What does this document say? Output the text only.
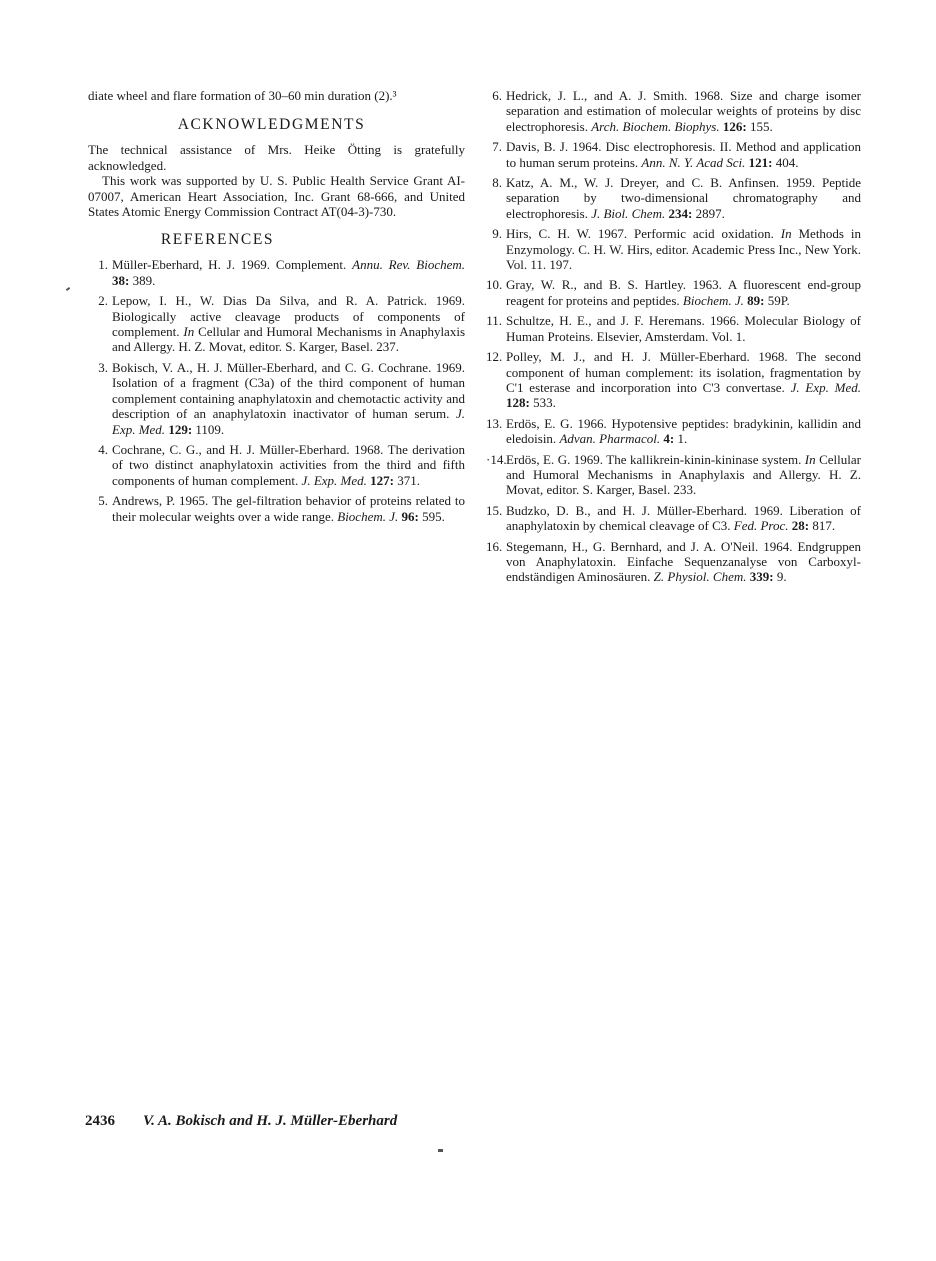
diate wheel and flare formation of 30–60 min duration (2).³

ACKNOWLEDGMENTS

The technical assistance of Mrs. Heike Ötting is gratefully acknowledged.

This work was supported by U. S. Public Health Service Grant AI-07007, American Heart Association, Inc. Grant 68-666, and United States Atomic Energy Commission Contract AT(04-3)-730.

REFERENCES
1. Müller-Eberhard, H. J. 1969. Complement. Annu. Rev. Biochem. 38: 389.
2. Lepow, I. H., W. Dias Da Silva, and R. A. Patrick. 1969. Biologically active cleavage products of components of complement. In Cellular and Humoral Mechanisms in Anaphylaxis and Allergy. H. Z. Movat, editor. S. Karger, Basel. 237.
3. Bokisch, V. A., H. J. Müller-Eberhard, and C. G. Cochrane. 1969. Isolation of a fragment (C3a) of the third component of human complement containing anaphylatoxin and chemotactic activity and description of an anaphylatoxin inactivator of human serum. J. Exp. Med. 129: 1109.
4. Cochrane, C. G., and H. J. Müller-Eberhard. 1968. The derivation of two distinct anaphylatoxin activities from the third and fifth components of human complement. J. Exp. Med. 127: 371.
5. Andrews, P. 1965. The gel-filtration behavior of proteins related to their molecular weights over a wide range. Biochem. J. 96: 595.
6. Hedrick, J. L., and A. J. Smith. 1968. Size and charge isomer separation and estimation of molecular weights of proteins by disc electrophoresis. Arch. Biochem. Biophys. 126: 155.
7. Davis, B. J. 1964. Disc electrophoresis. II. Method and application to human serum proteins. Ann. N. Y. Acad Sci. 121: 404.
8. Katz, A. M., W. J. Dreyer, and C. B. Anfinsen. 1959. Peptide separation by two-dimensional chromatography and electrophoresis. J. Biol. Chem. 234: 2897.
9. Hirs, C. H. W. 1967. Performic acid oxidation. In Methods in Enzymology. C. H. W. Hirs, editor. Academic Press Inc., New York. Vol. 11. 197.
10. Gray, W. R., and B. S. Hartley. 1963. A fluorescent end-group reagent for proteins and peptides. Biochem. J. 89: 59P.
11. Schultze, H. E., and J. F. Heremans. 1966. Molecular Biology of Human Proteins. Elsevier, Amsterdam. Vol. 1.
12. Polley, M. J., and H. J. Müller-Eberhard. 1968. The second component of human complement: its isolation, fragmentation by C'1 esterase and incorporation into C'3 convertase. J. Exp. Med. 128: 533.
13. Erdös, E. G. 1966. Hypotensive peptides: bradykinin, kallidin and eledoisin. Advan. Pharmacol. 4: 1.
·14. Erdös, E. G. 1969. The kallikrein-kinin-kininase system. In Cellular and Humoral Mechanisms in Anaphylaxis and Allergy. H. Z. Movat, editor. S. Karger, Basel. 233.
15. Budzko, D. B., and H. J. Müller-Eberhard. 1969. Liberation of anaphylatoxin by chemical cleavage of C3. Fed. Proc. 28: 817.
16. Stegemann, H., G. Bernhard, and J. A. O'Neil. 1964. Endgruppen von Anaphylatoxin. Einfache Sequenzanalyse von Carboxyl-endständigen Aminosäuren. Z. Physiol. Chem. 339: 9.
2436 V. A. Bokisch and H. J. Müller-Eberhard
